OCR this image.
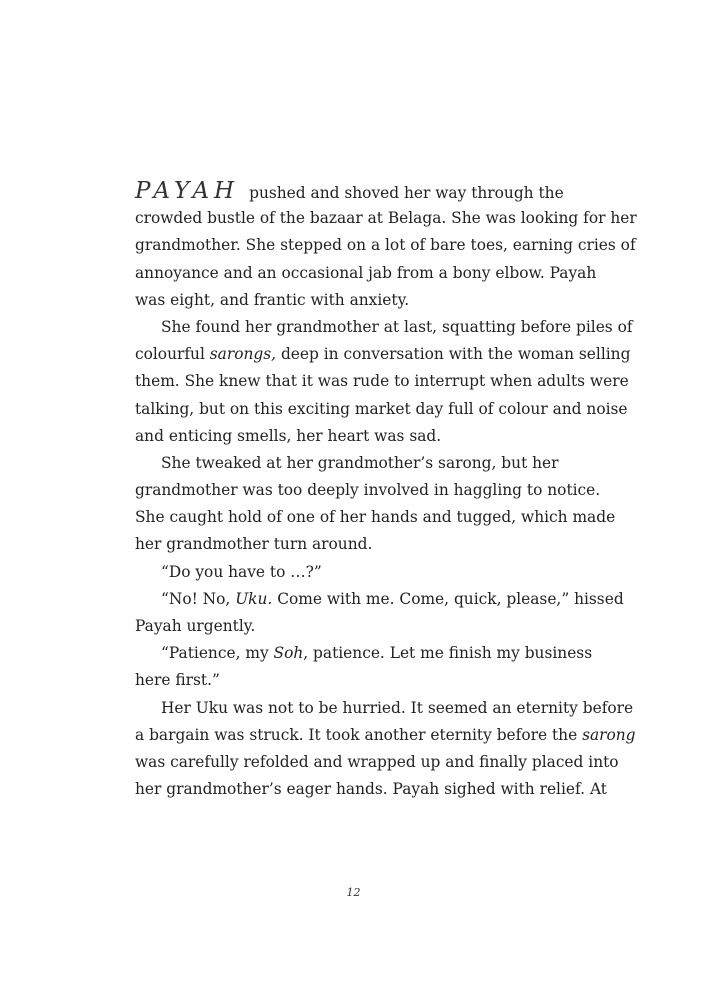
PAYAH pushed and shoved her way through the
crowded bustle of the bazaar at Belaga. She was looking for her
grandmother. She stepped on a lot of bare toes, earning cries of
annoyance and an occasional jab from a bony elbow. Payah
was eight, and frantic with anxiety.
She found her grandmother at last, squatting before piles of
colourful sarongs, deep in conversation with the woman selling
them. She knew that it was rude to interrupt when adults were
talking, but on this exciting market day full of colour and noise
and enticing smells, her heart was sad.
She tweaked at her grandmother’s sarong, but her
grandmother was too deeply involved in haggling to notice.
She caught hold of one of her hands and tugged, which made
her grandmother turn around.
“Do you have to …?”
“No! No, Uku. Come with me. Come, quick, please,” hissed
Payah urgently.
“Patience, my Soh, patience. Let me finish my business
here first.”
Her Uku was not to be hurried. It seemed an eternity before
a bargain was struck. It took another eternity before the sarong
was carefully refolded and wrapped up and finally placed into
her grandmother’s eager hands. Payah sighed with relief. At
12
